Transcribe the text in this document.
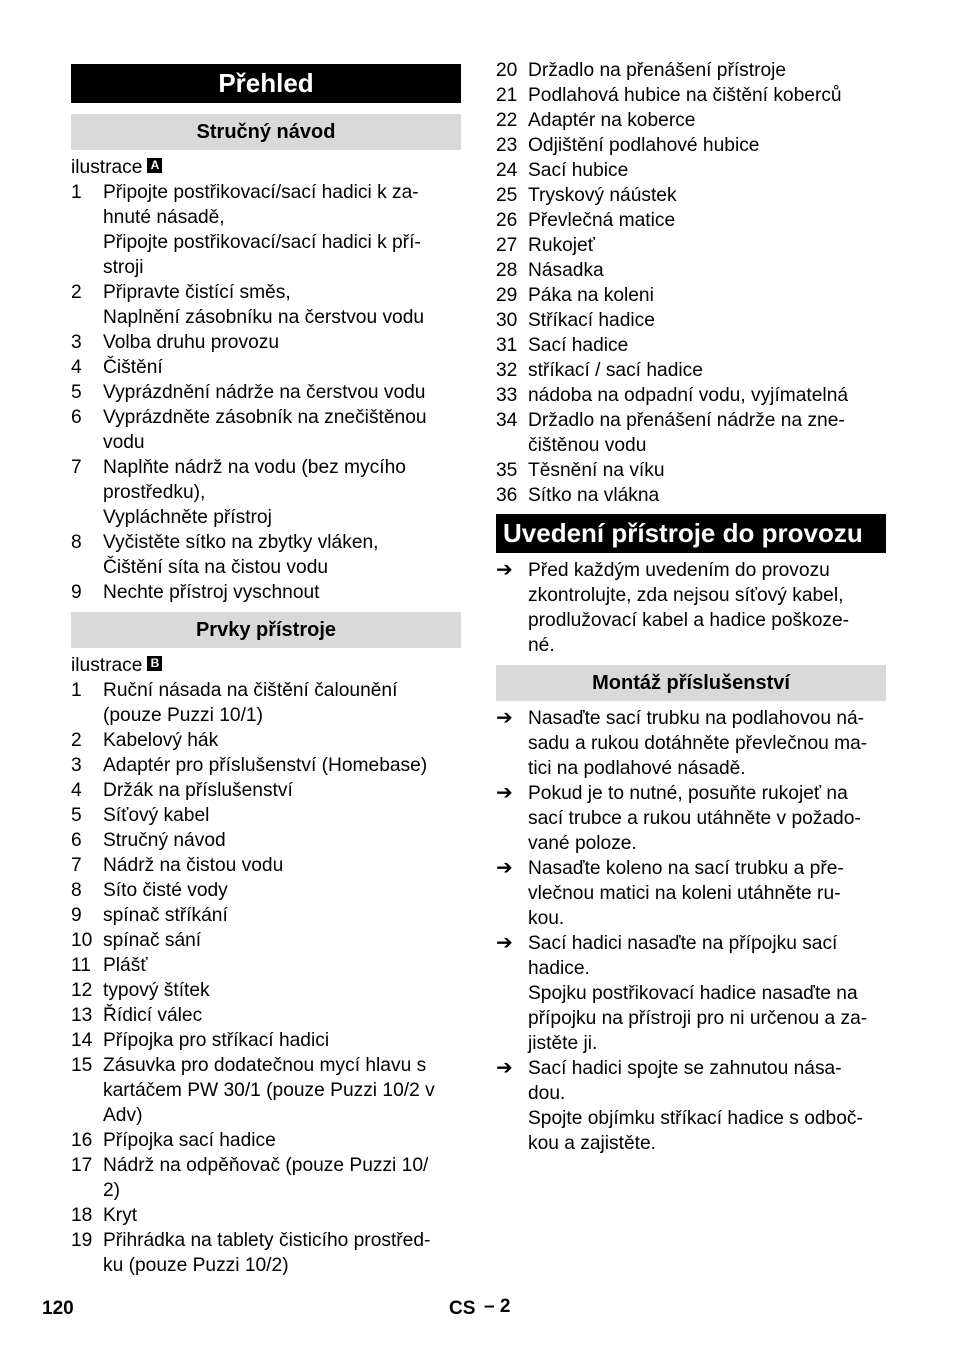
Přehled
Stručný návod
ilustrace A
1 Připojte postřikovací/sací hadici k za-
hnuté násadě,
Připojte postřikovací/sací hadici k pří-
stroji
2 Připravte čistící směs,
Naplnění zásobníku na čerstvou vodu
3 Volba druhu provozu
4 Čištění
5 Vyprázdnění nádrže na čerstvou vodu
6 Vyprázdněte zásobník na znečištěnou
vodu
7 Naplňte nádrž na vodu (bez mycího
prostředku),
Vypláchněte přístroj
8 Vyčistěte sítko na zbytky vláken,
Čištění síta na čistou vodu
9 Nechte přístroj vyschnout
Prvky přístroje
ilustrace B
1 Ruční násada na čištění čalounění
(pouze Puzzi 10/1)
2 Kabelový hák
3 Adaptér pro příslušenství (Homebase)
4 Držák na příslušenství
5 Síťový kabel
6 Stručný návod
7 Nádrž na čistou vodu
8 Síto čisté vody
9 spínač stříkání
10 spínač sání
11 Plášť
12 typový štítek
13 Řídicí válec
14 Přípojka pro stříkací hadici
15 Zásuvka pro dodatečnou mycí hlavu s
kartáčem PW 30/1 (pouze Puzzi 10/2 v
Adv)
16 Přípojka sací hadice
17 Nádrž na odpěňovač (pouze Puzzi 10/
2)
18 Kryt
19 Přihrádka na tablety čisticího prostřed-
ku (pouze Puzzi 10/2)
20 Držadlo na přenášení přístroje
21 Podlahová hubice na čištění koberců
22 Adaptér na koberce
23 Odjištění podlahové hubice
24 Sací hubice
25 Tryskový náústek
26 Převlečná matice
27 Rukojeť
28 Násadka
29 Páka na koleni
30 Stříkací hadice
31 Sací hadice
32 stříkací / sací hadice
33 nádoba na odpadní vodu, vyjímatelná
34 Držadlo na přenášení nádrže na zne-
čištěnou vodu
35 Těsnění na víku
36 Sítko na vlákna
Uvedení přístroje do provozu
➔ Před každým uvedením do provozu
zkontrolujte, zda nejsou síťový kabel,
prodlužovací kabel a hadice poškoze-
né.
Montáž příslušenství
➔ Nasaďte sací trubku na podlahovou ná-
sadu a rukou dotáhněte převlečnou ma-
tici na podlahové násadě.
➔ Pokud je to nutné, posuňte rukojeť na
sací trubce a rukou utáhněte v požado-
vané poloze.
➔ Nasaďte koleno na sací trubku a pře-
vlečnou matici na koleni utáhněte ru-
kou.
➔ Sací hadici nasaďte na přípojku sací
hadice.
Spojku postřikovací hadice nasaďte na
přípojku na přístroji pro ni určenou a za-
jistěte ji.
➔ Sací hadici spojte se zahnutou nása-
dou.
Spojte objímku stříkací hadice s odboč-
kou a zajistěte.
120	CS – 2
